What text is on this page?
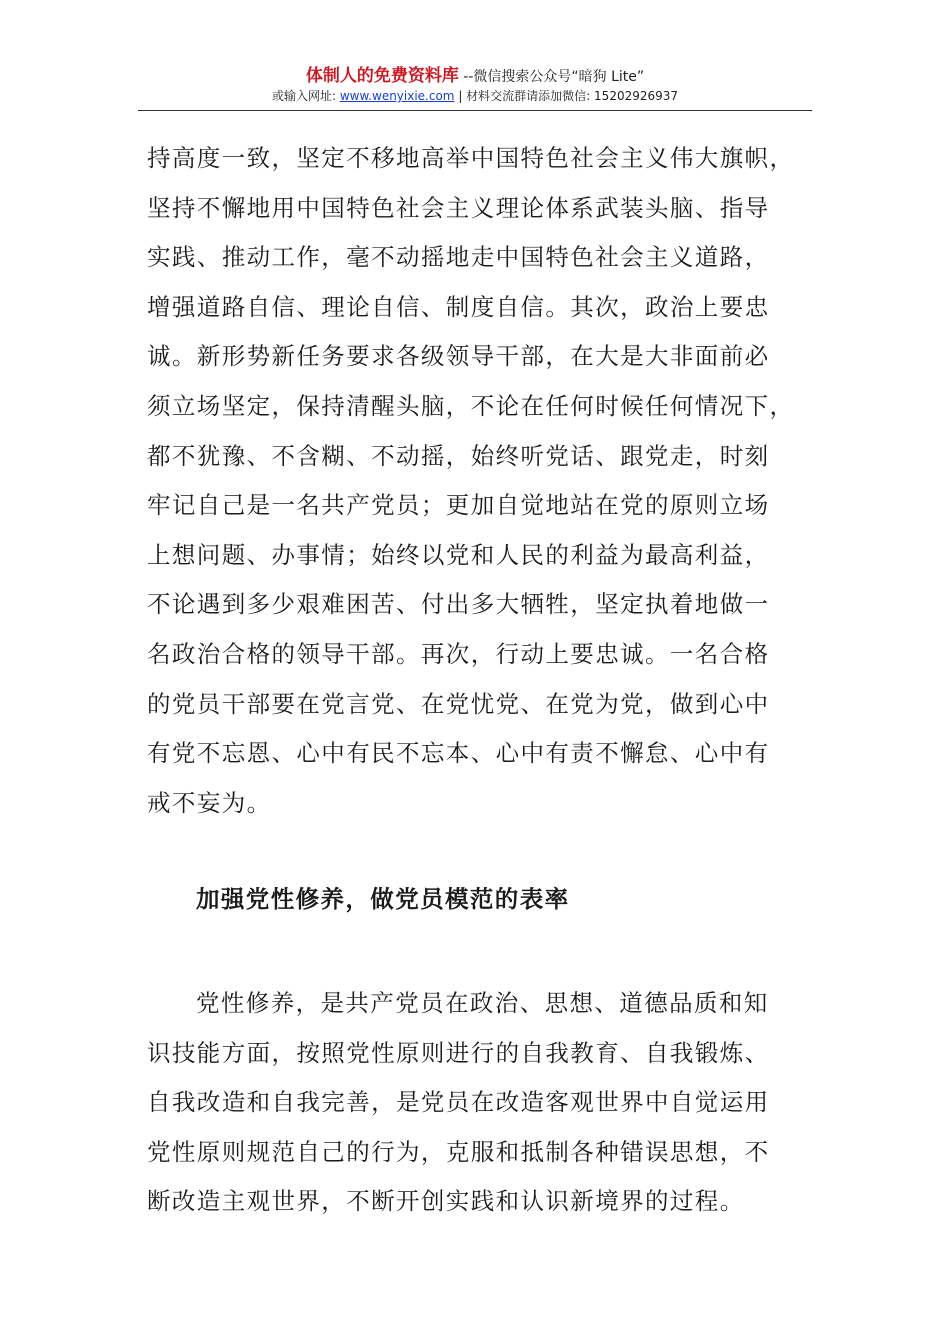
体制人的免费资料库 --微信搜索公众号“暗狗 Lite”
或输入网址: www.wenyixie.com | 材料交流群请添加微信: 15202926937
持高度一致，坚定不移地高举中国特色社会主义伟大旗帜，
坚持不懈地用中国特色社会主义理论体系武装头脑、指导
实践、推动工作，毫不动摇地走中国特色社会主义道路，
增强道路自信、理论自信、制度自信。其次，政治上要忠
诚。新形势新任务要求各级领导干部，在大是大非面前必
须立场坚定，保持清醒头脑，不论在任何时候任何情况下，
都不犹豫、不含糊、不动摇，始终听党话、跟党走，时刻
牢记自己是一名共产党员；更加自觉地站在党的原则立场
上想问题、办事情；始终以党和人民的利益为最高利益，
不论遇到多少艰难困苦、付出多大牺牲，坚定执着地做一
名政治合格的领导干部。再次，行动上要忠诚。一名合格
的党员干部要在党言党、在党忧党、在党为党，做到心中
有党不忘恩、心中有民不忘本、心中有责不懈怠、心中有
戒不妄为。
加强党性修养，做党员模范的表率
党性修养，是共产党员在政治、思想、道德品质和知
识技能方面，按照党性原则进行的自我教育、自我锻炼、
自我改造和自我完善，是党员在改造客观世界中自觉运用
党性原则规范自己的行为，克服和抵制各种错误思想，不
断改造主观世界，不断开创实践和认识新境界的过程。
